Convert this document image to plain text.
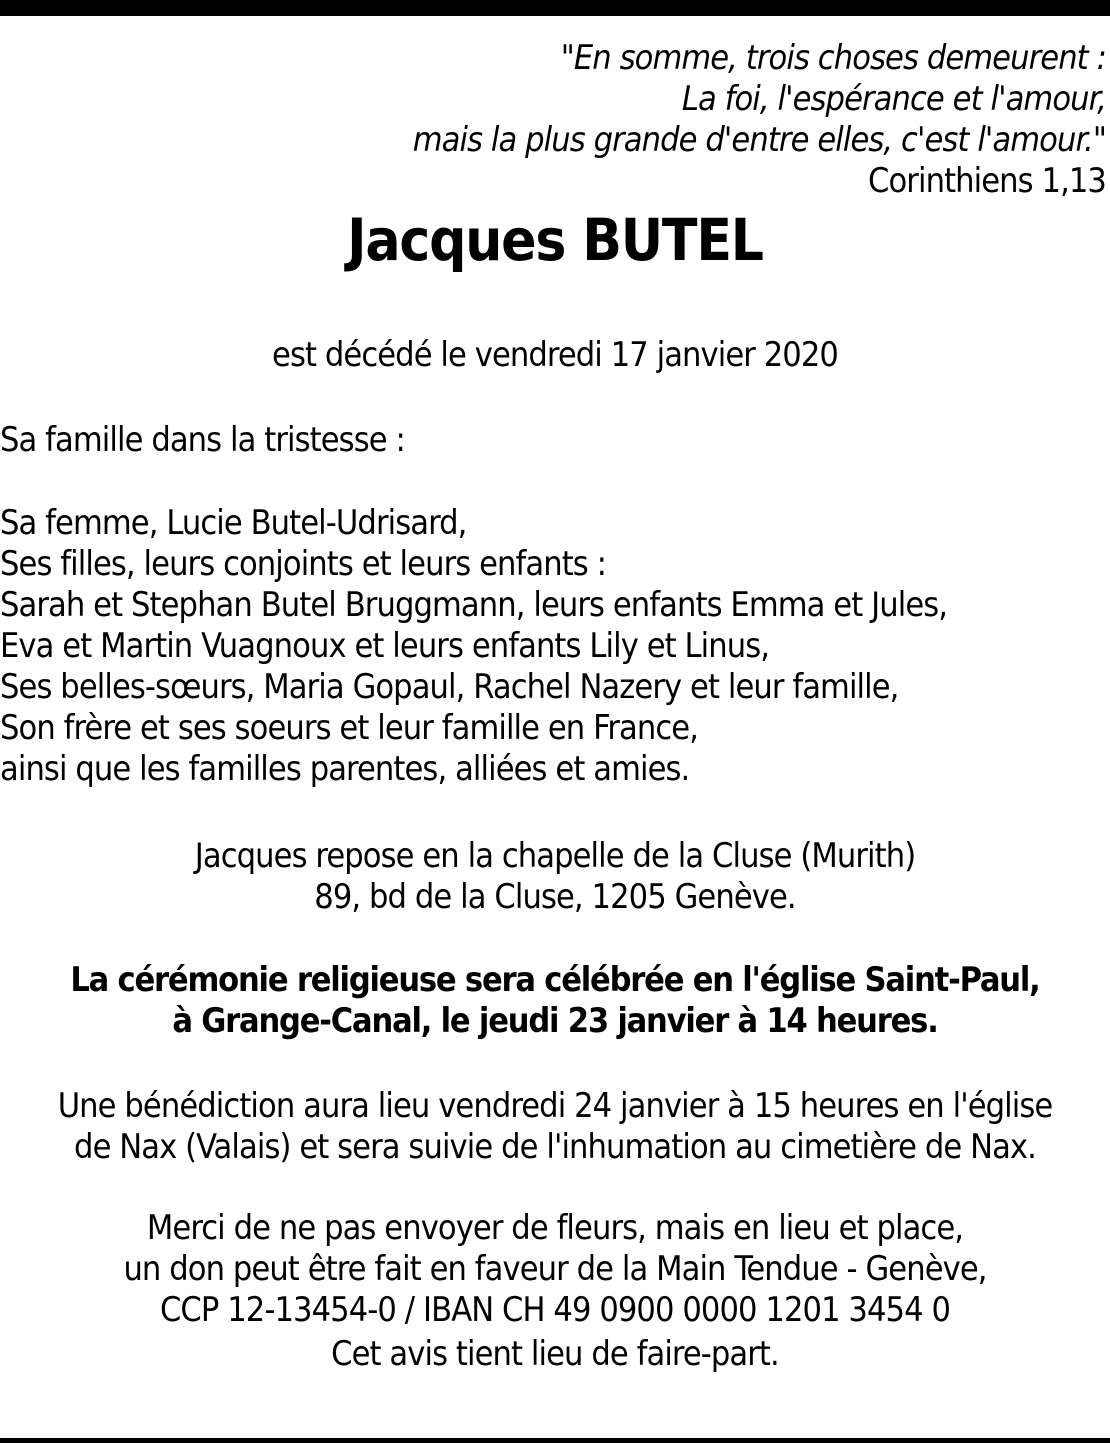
"En somme, trois choses demeurent :
La foi, l'espérance et l'amour,
mais la plus grande d'entre elles, c'est l'amour."
Corinthiens 1,13
Jacques BUTEL
est décédé le vendredi 17 janvier 2020
Sa famille dans la tristesse :
Sa femme, Lucie Butel-Udrisard,
Ses filles, leurs conjoints et leurs enfants :
Sarah et Stephan Butel Bruggmann, leurs enfants Emma et Jules,
Eva et Martin Vuagnoux et leurs enfants Lily et Linus,
Ses belles-sœurs, Maria Gopaul, Rachel Nazery et leur famille,
Son frère et ses soeurs et leur famille en France,
ainsi que les familles parentes, alliées et amies.
Jacques repose en la chapelle de la Cluse (Murith)
89, bd de la Cluse, 1205 Genève.
La cérémonie religieuse sera célébrée en l'église Saint-Paul,
à Grange-Canal, le jeudi 23 janvier à 14 heures.
Une bénédiction aura lieu vendredi 24 janvier à 15 heures en l'église
de Nax (Valais) et sera suivie de l'inhumation au cimetière de Nax.
Merci de ne pas envoyer de fleurs, mais en lieu et place,
un don peut être fait en faveur de la Main Tendue - Genève,
CCP 12-13454-0 / IBAN CH 49 0900 0000 1201 3454 0
Cet avis tient lieu de faire-part.
